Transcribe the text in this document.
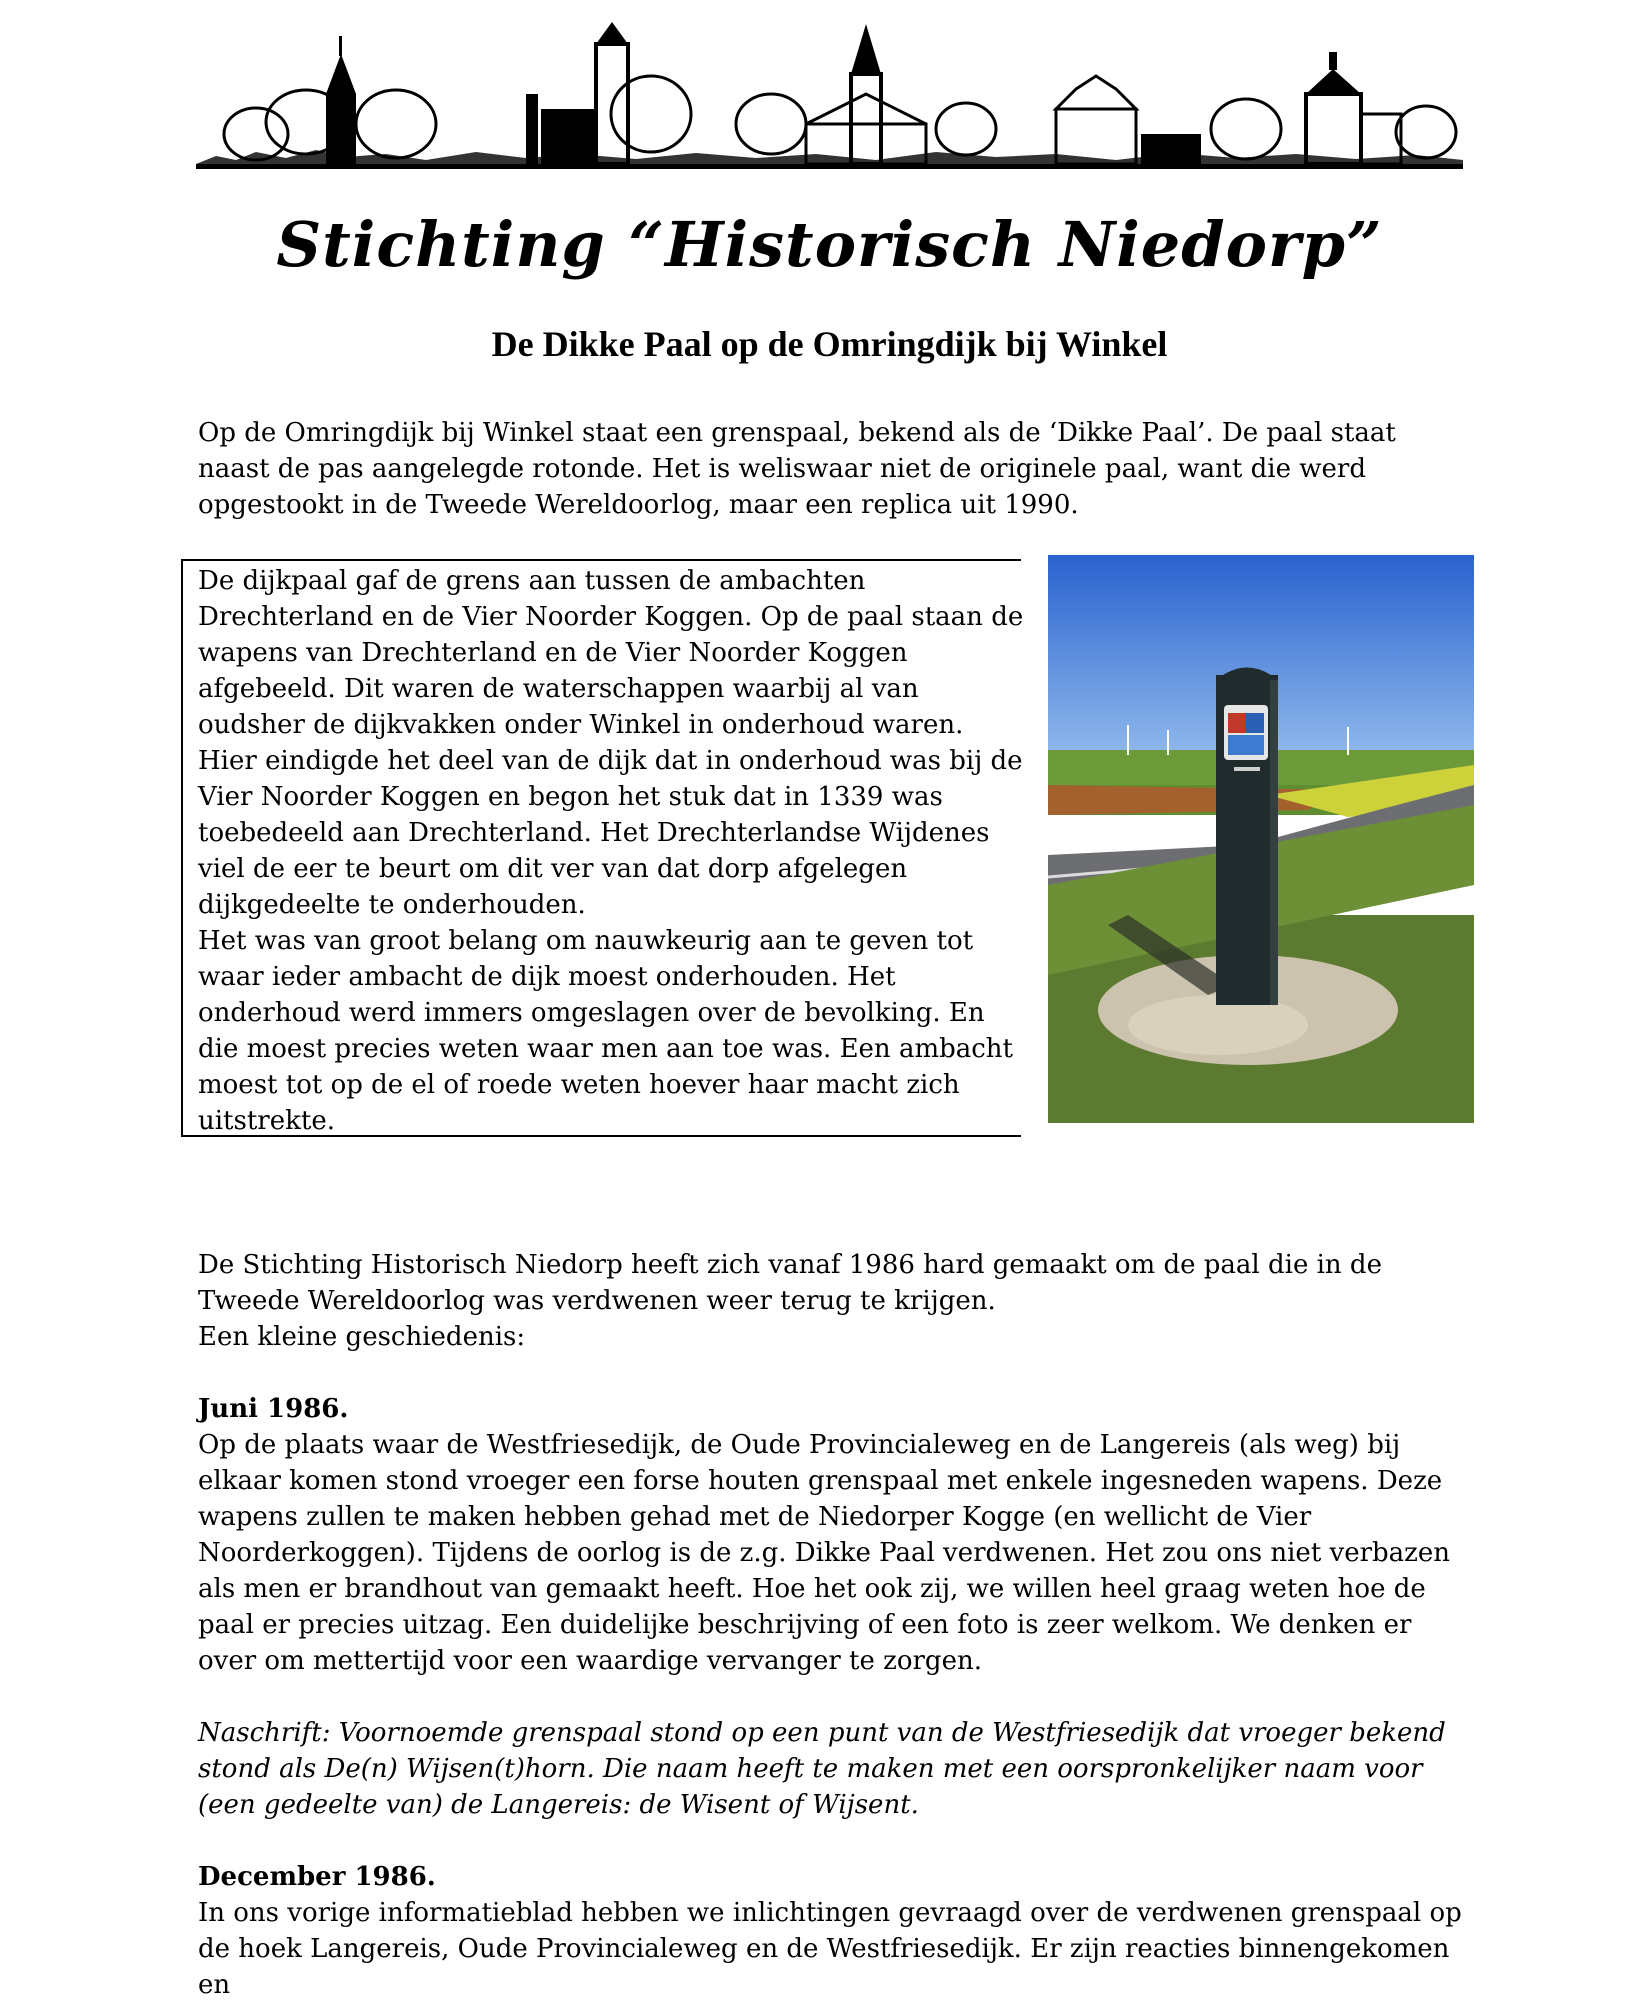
Stichting “Historisch Niedorp”
De Dikke Paal op de Omringdijk bij Winkel

Op de Omringdijk bij Winkel staat een grenspaal, bekend als de ‘Dikke Paal’. De paal staat naast de pas aangelegde rotonde. Het is weliswaar niet de originele paal, want die werd opgestookt in de Tweede Wereldoorlog, maar een replica uit 1990.

De dijkpaal gaf de grens aan tussen de ambachten Drechterland en de Vier Noorder Koggen. Op de paal staan de wapens van Drechterland en de Vier Noorder Koggen afgebeeld. Dit waren de waterschappen waarbij al van oudsher de dijkvakken onder Winkel in onderhoud waren. Hier eindigde het deel van de dijk dat in onderhoud was bij de Vier Noorder Koggen en begon het stuk dat in 1339 was toebedeeld aan Drechterland. Het Drechterlandse Wijdenes viel de eer te beurt om dit ver van dat dorp afgelegen dijkgedeelte te onderhouden.

Het was van groot belang om nauwkeurig aan te geven tot waar ieder ambacht de dijk moest onderhouden. Het onderhoud werd immers omgeslagen over de bevolking. En die moest precies weten waar men aan toe was. Een ambacht moest tot op de el of roede weten hoever haar macht zich uitstrekte.

De Stichting Historisch Niedorp heeft zich vanaf 1986 hard gemaakt om de paal die in de Tweede Wereldoorlog was verdwenen weer terug te krijgen.

Een kleine geschiedenis:

Juni 1986.

Op de plaats waar de Westfriesedijk, de Oude Provincialeweg en de Langereis (als weg) bij elkaar komen stond vroeger een forse houten grenspaal met enkele ingesneden wapens. Deze wapens zullen te maken hebben gehad met de Niedorper Kogge (en wellicht de Vier Noorderkoggen). Tijdens de oorlog is de z.g. Dikke Paal verdwenen. Het zou ons niet verbazen als men er brandhout van gemaakt heeft. Hoe het ook zij, we willen heel graag weten hoe de paal er precies uitzag. Een duidelijke beschrijving of een foto is zeer welkom. We denken er over om mettertijd voor een waardige vervanger te zorgen.

Naschrift: Voornoemde grenspaal stond op een punt van de Westfriesedijk dat vroeger bekend stond als De(n) Wijsen(t)horn. Die naam heeft te maken met een oorspronkelijker naam voor (een gedeelte van) de Langereis: de Wisent of Wijsent.

December 1986.

In ons vorige informatieblad hebben we inlichtingen gevraagd over de verdwenen grenspaal op de hoek Langereis, Oude Provincialeweg en de Westfriesedijk. Er zijn reacties binnengekomen en
